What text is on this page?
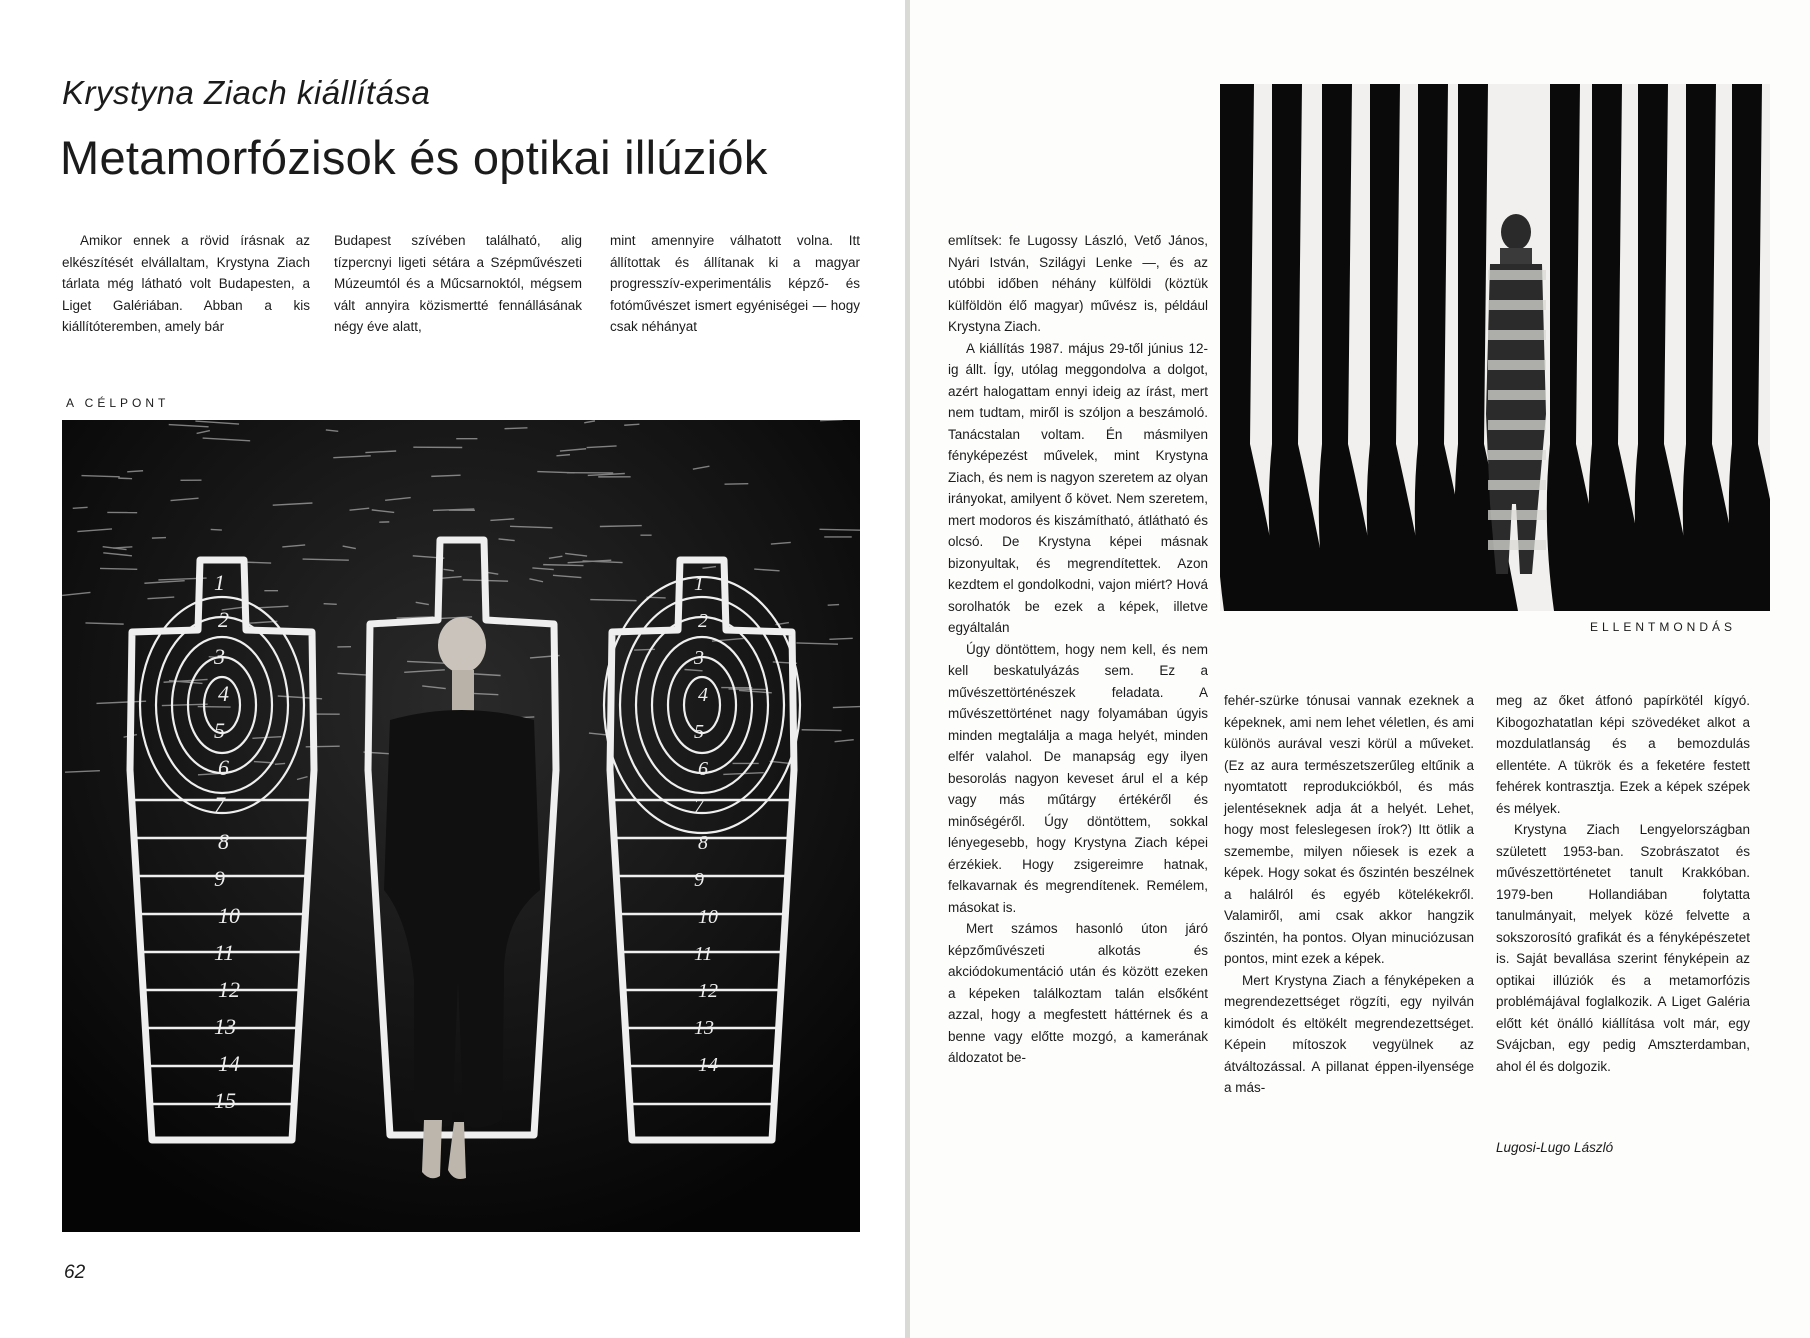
Krystyna Ziach kiállítása
Metamorfózisok és optikai illúziók

Amikor ennek a rövid írásnak az elkészítését elvállaltam, Krystyna Ziach tárlata még látható volt Budapesten, a Liget Galériában. Abban a kis kiállítóteremben, amely bár

Budapest szívében található, alig tízpercnyi ligeti sétára a Szépművészeti Múzeumtól és a Műcsarnoktól, mégsem vált annyira közismertté fennállásának négy éve alatt,

mint amennyire válhatott volna. Itt állítottak és állítanak ki a magyar progresszív-experimentális képző- és fotóművészet ismert egyéniségei — hogy csak néhányat

A CÉLPONT
1
2
3
4
5
6
7
8
9
10
11
12
13
14
15
1
2
3
4
5
6
7
8
9
10
11
12
13
14
62
ELLENTMONDÁS

említsek: fe Lugossy László, Vető János, Nyári István, Szilágyi Lenke —, és az utóbbi időben néhány külföldi (köztük külföldön élő magyar) művész is, például Krystyna Ziach.

A kiállítás 1987. május 29-től június 12-ig állt. Így, utólag meggondolva a dolgot, azért halogattam ennyi ideig az írást, mert nem tudtam, miről is szóljon a beszámoló. Tanácstalan voltam. Én másmilyen fényképezést művelek, mint Krystyna Ziach, és nem is nagyon szeretem az olyan irányokat, amilyent ő követ. Nem szeretem, mert modoros és kiszámítható, átlátható és olcsó. De Krystyna képei másnak bizonyultak, és megrendítettek. Azon kezdtem el gondolkodni, vajon miért? Hová sorolhatók be ezek a képek, illetve egyáltalán

Úgy döntöttem, hogy nem kell, és nem kell beskatulyázás sem. Ez a művészettörténészek feladata. A művészettörténet nagy folyamában úgyis minden megtalálja a maga helyét, minden elfér valahol. De manapság egy ilyen besorolás nagyon keveset árul el a kép vagy más műtárgy értékéről és minőségéről. Úgy döntöttem, sokkal lényegesebb, hogy Krystyna Ziach képei érzékiek. Hogy zsigereimre hatnak, felkavarnak és megrendítenek. Remélem, másokat is.

Mert számos hasonló úton járó képzőművészeti alkotás és akciódokumentáció után és között ezeken a képeken találkoztam talán elsőként azzal, hogy a megfestett háttérnek és a benne vagy előtte mozgó, a kamerának áldozatot be-

fehér-szürke tónusai vannak ezeknek a képeknek, ami nem lehet véletlen, és ami különös aurával veszi körül a műveket. (Ez az aura természetszerűleg eltűnik a nyomtatott reprodukciókból, és más jelentéseknek adja át a helyét. Lehet, hogy most feleslegesen írok?) Itt ötlik a szemembe, milyen nőiesek is ezek a képek. Hogy sokat és őszintén beszélnek a halálról és egyéb kötelékekről. Valamiről, ami csak akkor hangzik őszintén, ha pontos. Olyan minuciózusan pontos, mint ezek a képek.

Mert Krystyna Ziach a fényképeken a megrendezettséget rögzíti, egy nyilván kimódolt és eltökélt megrendezettséget. Képein mítoszok vegyülnek az átváltozással. A pillanat éppen-ilyensége a más-

meg az őket átfonó papírkötél kígyó. Kibogozhatatlan képi szövedéket alkot a mozdulatlanság és a bemozdulás ellentéte. A tükrök és a feketére festett fehérek kontrasztja. Ezek a képek szépek és mélyek.

Krystyna Ziach Lengyelországban született 1953-ban. Szobrászatot és művészettörténetet tanult Krakkóban. 1979-ben Hollandiában folytatta tanulmányait, melyek közé felvette a sokszorosító grafikát és a fényképészetet is. Saját bevallása szerint fényképein az optikai illúziók és a metamorfózis problémájával foglalkozik. A Liget Galéria előtt két önálló kiállítása volt már, egy Svájcban, egy pedig Amszterdamban, ahol él és dolgozik.

Lugosi-Lugo László
